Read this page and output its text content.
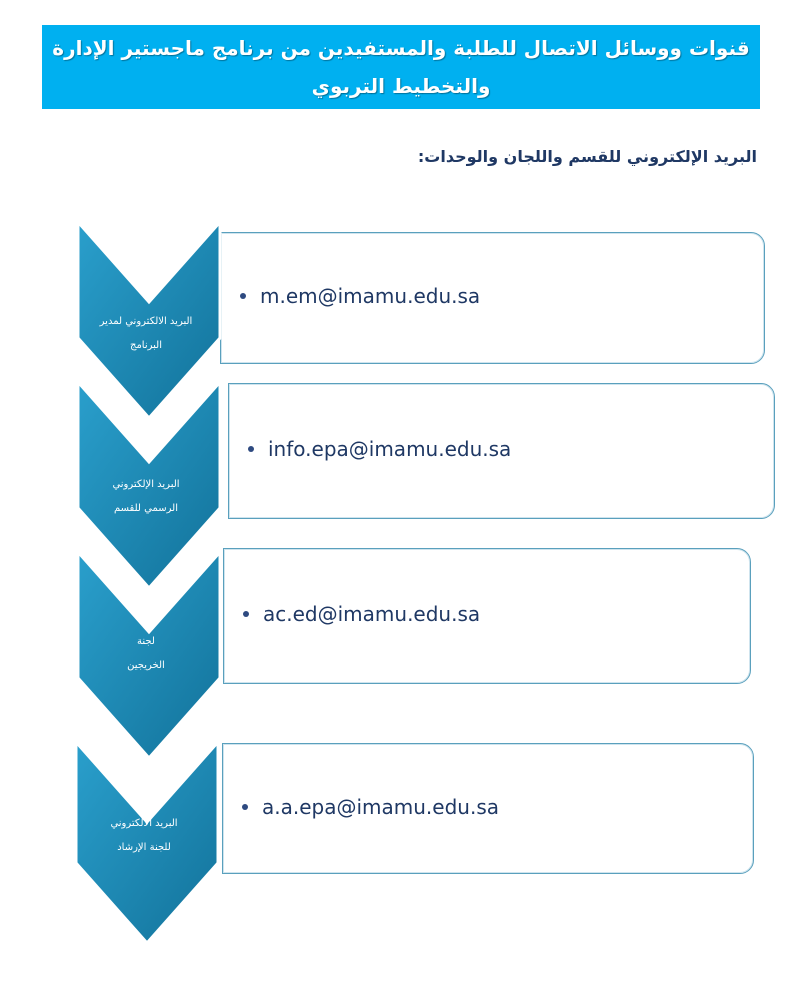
قنوات ووسائل الاتصال للطلبة والمستفيدين من برنامج ماجستير الإدارة والتخطيط التربوي
البريد الإلكتروني للقسم واللجان والوحدات:
m.em@imamu.edu.sa
البريد الالكتروني لمدير
البرنامج
info.epa@imamu.edu.sa
البريد الإلكتروني
الرسمي للقسم
ac.ed@imamu.edu.sa
لجنة
الخريجين
a.a.epa@imamu.edu.sa
البريد الالكتروني
للجنة الإرشاد
